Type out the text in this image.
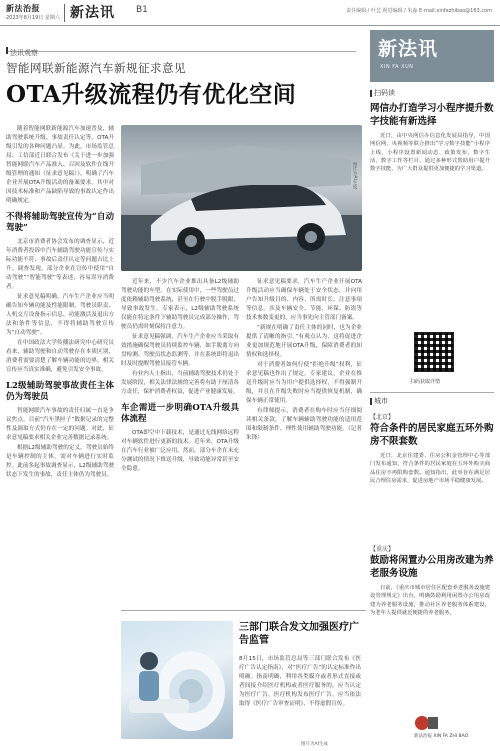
新法治报
2023年8月19日 星期六 新法讯 B1	责任编辑 / 叶艺 视觉编辑 / 朱淼 E-mail:xinfazhibao@163.com
法讯观察
智能网联新能源汽车新规征求意见
OTA升级流程仍有优化空间

随着智能网联新能源汽车加速普及，辅助驾驶系统升级、事故责任认定等，OTA升级引发的各种问题凸显。为此，市场监管总局、工信部近日联合发布《关于进一步加强智能网联汽车产品准入、召回及软件在线升级管理的通知（征求意见稿）》，明确了汽车企业开展OTA升级活动的备案要求。其中对因技术标准和产品缺陷导致的事故认定作出明确规定。

不得将辅助驾驶宣传为“自动驾驶”

北京市消费者协会发布的调查显示，近年消费者投诉中汽车辅助驾驶功能宣传与实际功能不符、事故后责任认定等问题占比上升。调查发现，部分企业在宣传中使用“自动驾驶”“智能驾驶”等表述，容易误导消费者。

征求意见稿明确，汽车生产企业应当明确告知车辆功能及性能限制、驾驶员职责、人机交互设备指示信息、功能激活及退出方法和条件等信息，不得将辅助驾驶宣传为“自动驾驶”。

在中国政法大学传播法研究中心研究员看来，辅助驾驶和自动驾驶存在本质区别，消费者需要清楚了解车辆功能的边界，相关宣传应当真实准确，避免引发安全事故。

L2级辅助驾驶事故责任主体仍为驾驶员

智能网联汽车事故的责任归属一直是争议焦点。目前“汽车黑匣子”数据记录的完整性及调取方式仍存在一定的问题。对此，征求意见稿要求相关企业完善数据记录系统。

根据L2级辅助驾驶的定义，驾驶员始终是车辆控制的主体，需对车辆进行实时监控。此前多起事故调查显示，L2级辅助驾驶状态下发生的事故，责任主体仍为驾驶员。

图片为AI生成

近年来，不少汽车企业推出具备L2级辅助驾驶功能的车型。在实际使用中，一些驾驶员过度依赖辅助驾驶系统，甚至在行驶中脱手脱眼，导致事故发生。专家表示，L2级辅助驾驶系统仅能在特定条件下辅助驾驶员完成部分操作，驾驶员仍需时刻保持注意力。

征求意见稿强调，汽车生产企业应当采取有效措施确保驾驶员持续监控车辆，如手脱离方向盘检测、驾驶员状态监测等，并在系统即将退出时及时提醒驾驶员接管车辆。

有业内人士指出，当前辅助驾驶技术仍处于发展阶段，相关法律法规的完善将有助于厘清各方责任，保护消费者权益，促进产业健康发展。

车企需进一步明确OTA升级具体流程

OTA即空中下载技术，是通过无线网络远程对车辆软件进行更新的技术。近年来，OTA升级在汽车行业被广泛应用。然而，部分车企在未充分测试的情况下推送升级，导致功能异常甚至安全隐患。

征求意见稿要求，汽车生产企业开展OTA升级活动应当确保车辆处于安全状态，并向用户告知升级目的、内容、所需时长、注意事项等信息。涉及车辆安全、节能、环保、防盗等技术参数变更的，应当事先向主管部门备案。

“新规在明确了责任主体的同时，也为企业提供了清晰的指引。”有观点认为，这将促进企业更加规范地开展OTA升级，保障消费者的知情权和选择权。

对于消费者如何行使“拒绝升级”权利，征求意见稿也作出了规定。专家建议，企业在推送升级时应当为用户提供选择权，不得强制升级，并且在升级失败时应当提供恢复机制，确保车辆正常使用。

有律师提示，消费者在购车时应当仔细阅读相关条款，了解车辆辅助驾驶功能的适用范围和限制条件，理性使用辅助驾驶功能。（记者 朱锋）

三部门联合发文加强医疗广告监管
8月15日，市场监管总局等三部门联合发布《医疗广告认定指南》，对“医疗广告”的认定标准作出明确。指南明确，利用各类媒介或者形式直接或者间接介绍医疗机构或者医疗服务的，应当认定为医疗广告。医疗机构发布医疗广告，应当依法取得《医疗广告审查证明》，不得虚假宣传。
图片为AI生成
新法讯
XIN FA XUN
扫码读
网信办打造学习小程序提升数字技能有新选择

近日，由中央网信办信息化发展局指导，中国网信网、央视频等联合推出“学习数字技能”小程序上线，小程序设置新闻动态、政策发布、数字生活、数字工作等栏目，通过多种形式帮助用户提升数字技能，为广大群众提供更加便捷的学习渠道。

扫码获取详情
城市
【北京】
符合条件的居民家庭五环外购房不限套数

近日，北京住建委、住房公积金管理中心等部门发布通知，符合条件的居民家庭在五环外购买商品住房不再限购套数。通知指出，此举旨在满足居民合理住房需求，促进房地产市场平稳健康发展。

【重庆】
鼓励将闲置办公用房改建为养老服务设施

日前，《重庆市城市居住区配套养老服务设施建设管理规定》出台，明确鼓励利用闲置办公用房改建为养老服务设施，推动社区养老服务体系建设，为老年人提供就近便捷的养老服务。

新法治报 XIN FA ZHI BAO
